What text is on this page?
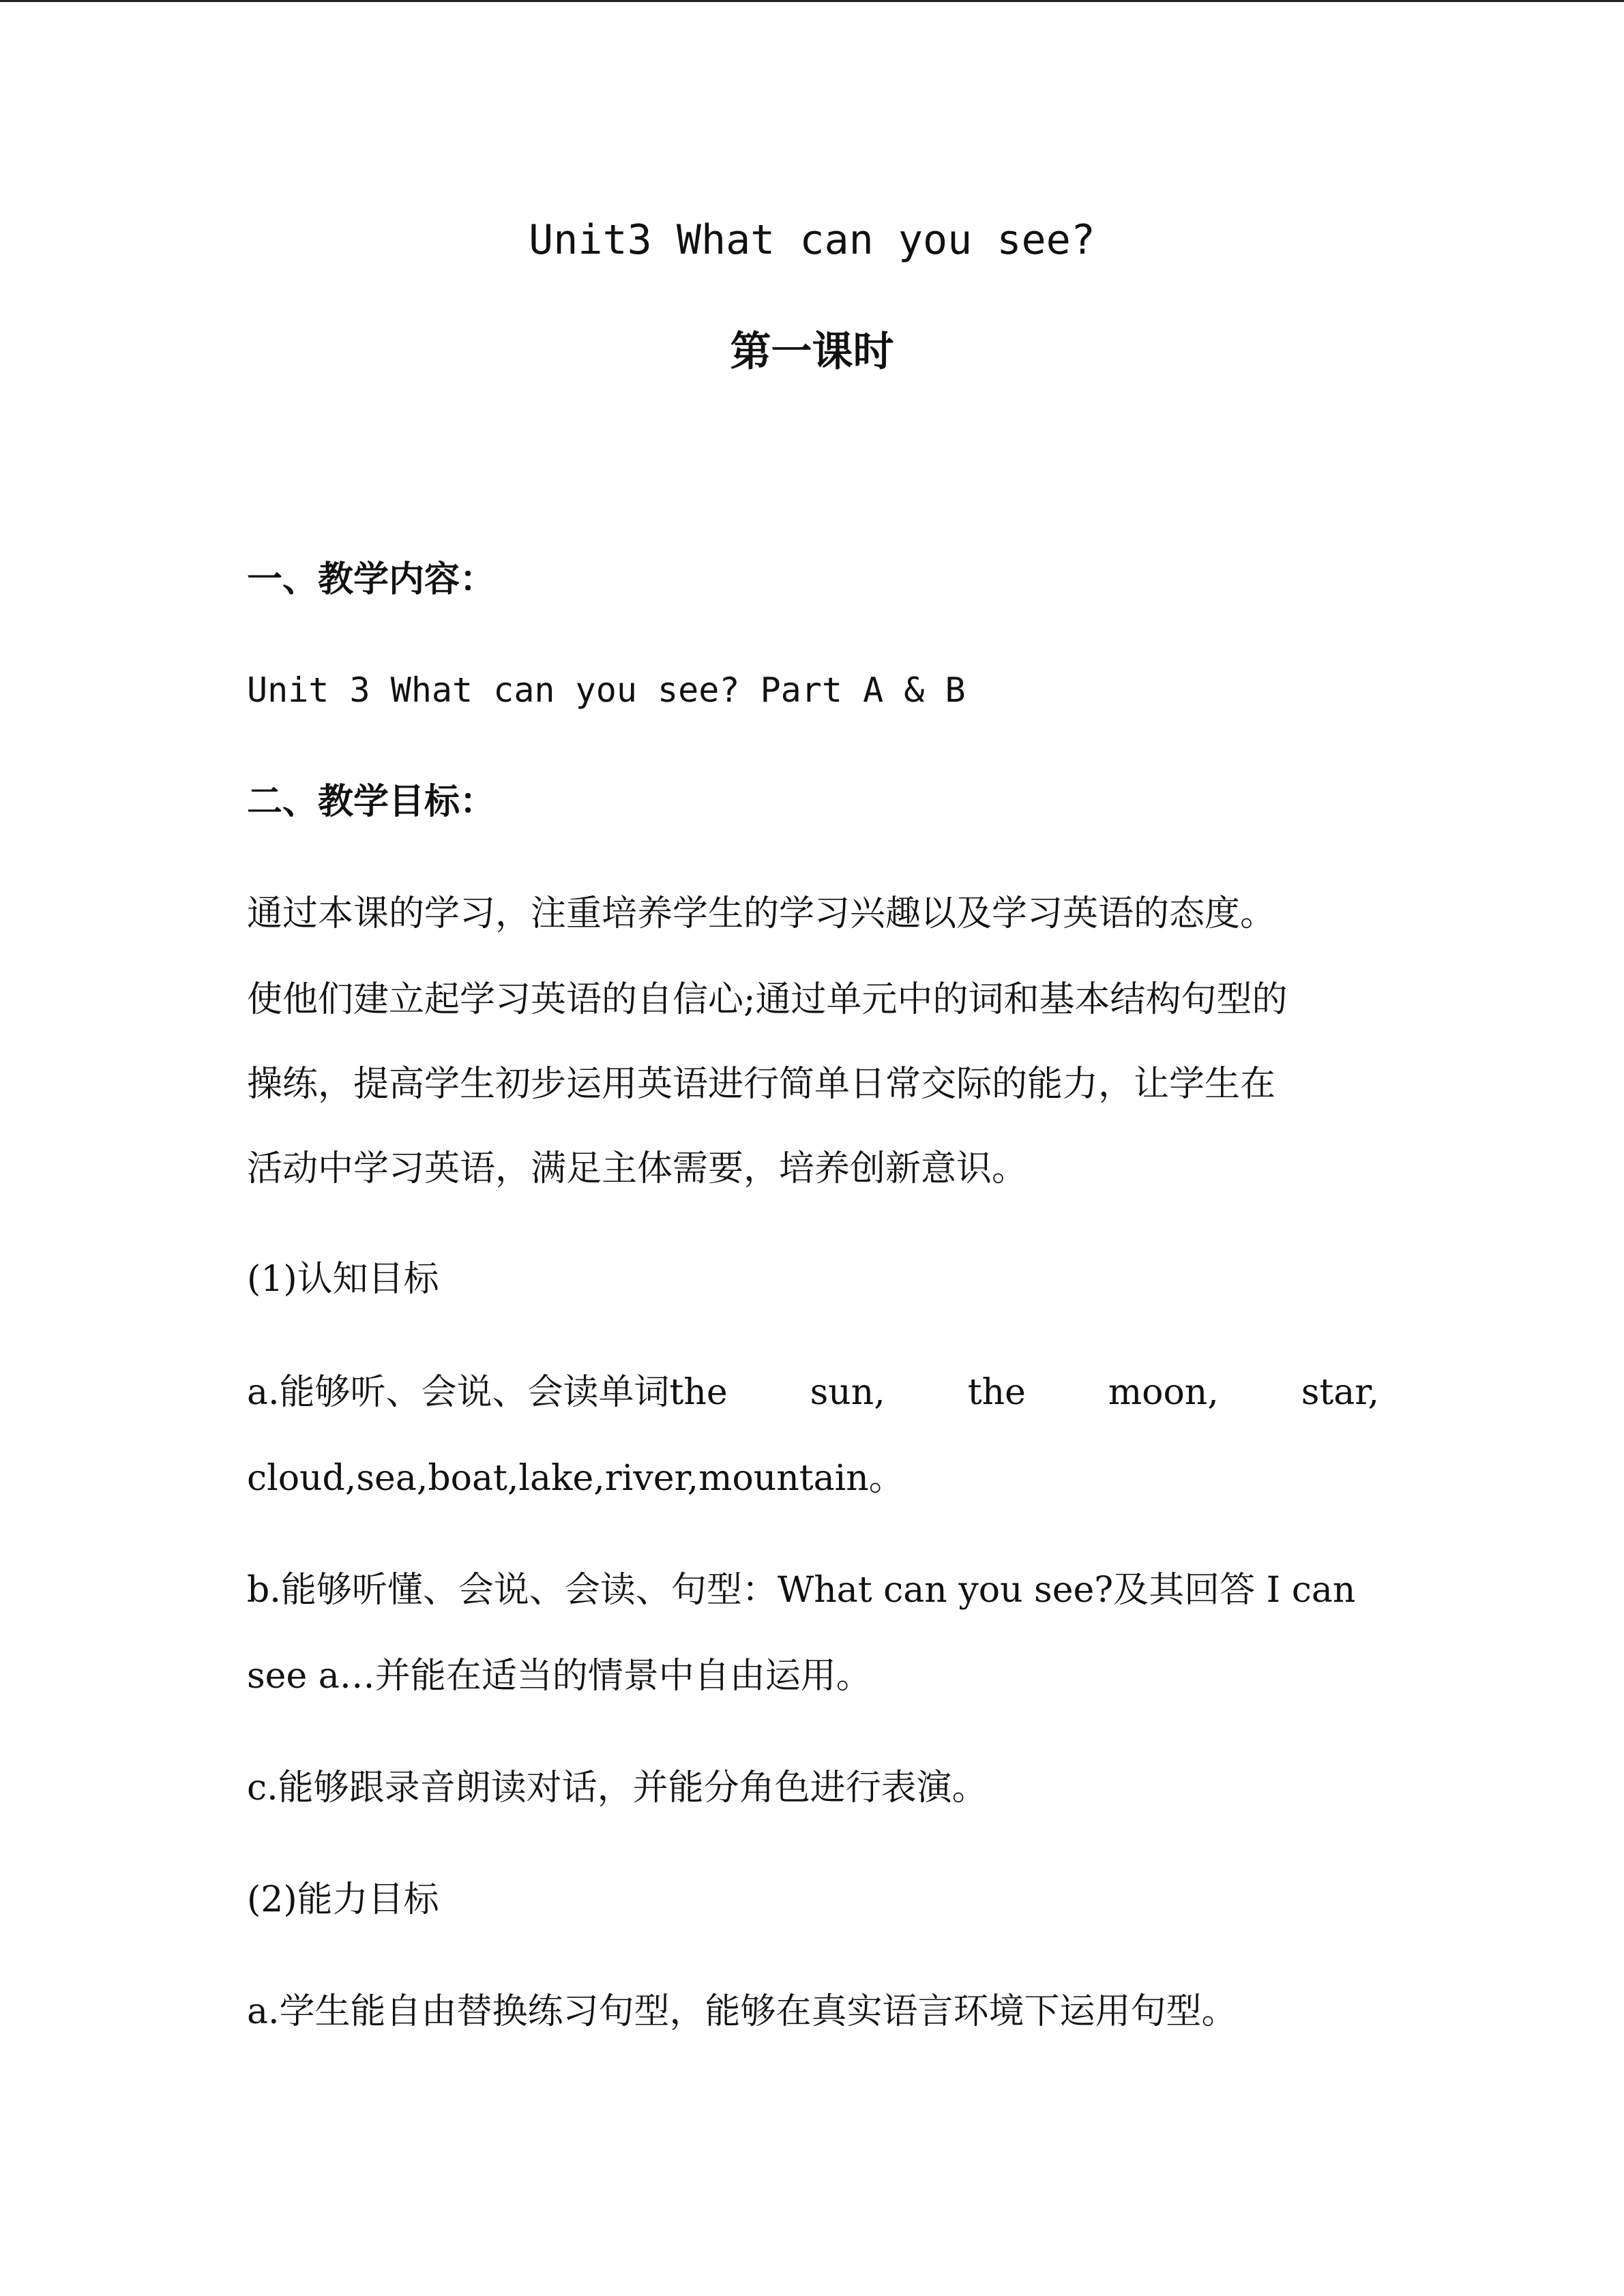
Unit3 What can you see?
第一课时
一、教学内容：
Unit 3 What can you see? Part A & B
二、教学目标：
通过本课的学习，注重培养学生的学习兴趣以及学习英语的态度。
使他们建立起学习英语的自信心;通过单元中的词和基本结构句型的
操练，提高学生初步运用英语进行简单日常交际的能力，让学生在
活动中学习英语，满足主体需要，培养创新意识。
(1)认知目标
a.能够听、会说、会读单词the sun, the moon, star,
cloud,sea,boat,lake,river,mountain。
b.能够听懂、会说、会读、句型：What can you see?及其回答 I can
see a…并能在适当的情景中自由运用。
c.能够跟录音朗读对话，并能分角色进行表演。
(2)能力目标
a.学生能自由替换练习句型，能够在真实语言环境下运用句型。
